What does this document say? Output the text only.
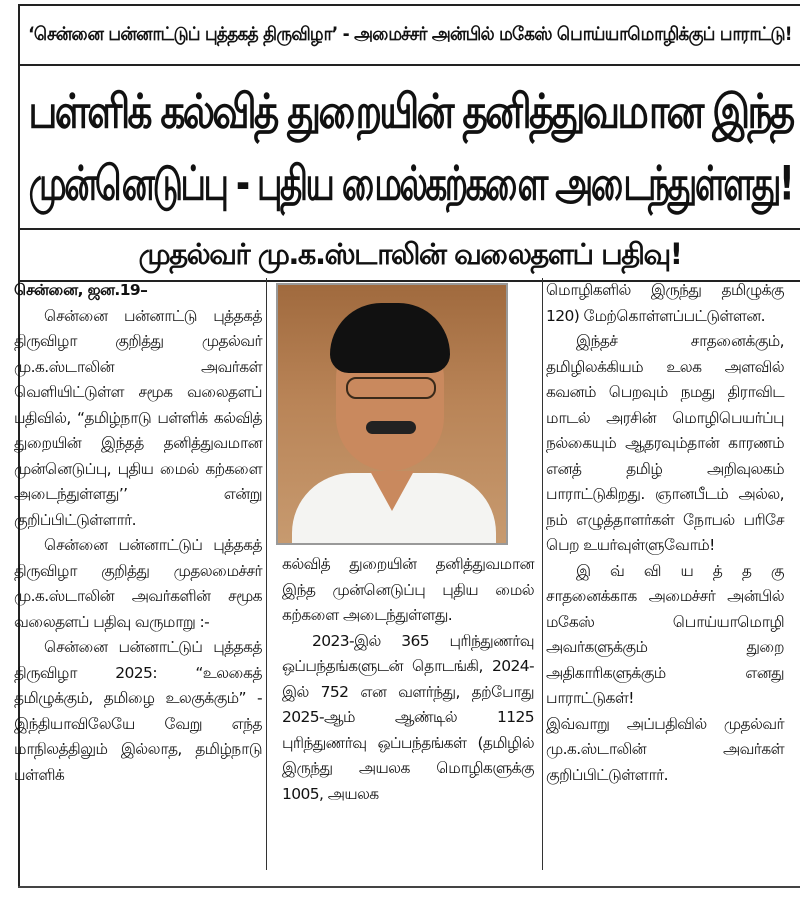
‘சென்னை பன்னாட்டுப் புத்தகத் திருவிழா’ - அமைச்சர் அன்பில் மகேஸ் பொய்யாமொழிக்குப் பாராட்டு!
பள்ளிக் கல்வித் துறையின் தனித்துவமான இந்த
முன்னெடுப்பு - புதிய மைல்கற்களை அடைந்துள்ளது!
முதல்வர் மு.க.ஸ்டாலின் வலைதளப் பதிவு!

சென்னை, ஜன.19–

சென்னை பன்னாட்டு புத்தகத் திருவிழா குறித்து முதல்வர் மு.க.ஸ்டாலின் அவர்கள் வெளியிட்டுள்ள சமூக வலைதளப் பதிவில், “தமிழ்நாடு பள்ளிக் கல்வித் துறையின் இந்தத் தனித்துவமான முன்னெடுப்பு, புதிய மைல் கற்களை அடைந்துள்ளது’’ என்று குறிப்பிட்டுள்ளார்.

சென்னை பன்னாட்டுப் புத்தகத் திருவிழா குறித்து முதலமைச்சர் மு.க.ஸ்டாலின் அவர்களின் சமூக வலைதளப் பதிவு வருமாறு :-

சென்னை பன்னாட்டுப் புத்தகத் திருவிழா 2025: “உலகைத் தமிழுக்கும், தமிழை உலகுக்கும்” - இந்தியாவிலேயே வேறு எந்த மாநிலத்திலும் இல்லாத, தமிழ்நாடு பள்ளிக்

கல்வித் துறையின் தனித்துவமான இந்த முன்னெடுப்பு புதிய மைல் கற்களை அடைந்துள்ளது.

2023-இல் 365 புரிந்துணர்வு ஒப்பந்தங்களுடன் தொடங்கி, 2024-இல் 752 என வளர்ந்து, தற்போது 2025-ஆம் ஆண்டில் 1125 புரிந்துணர்வு ஒப்பந்தங்கள் (தமிழில் இருந்து அயலக மொழிகளுக்கு 1005, அயலக

மொழிகளில் இருந்து தமிழுக்கு 120) மேற்கொள்ளப்பட்டுள்ளன.

இந்தச் சாதனைக்கும், தமிழிலக்கியம் உலக அளவில் கவனம் பெறவும் நமது திராவிட மாடல் அரசின் மொழிபெயர்ப்பு நல்கையும் ஆதரவும்தான் காரணம் எனத் தமிழ் அறிவுலகம் பாராட்டுகிறது. ஞானபீடம் அல்ல, நம் எழுத்தாளர்கள் நோபல் பரிசே பெற உயர்வுள்ளுவோம்!

இ வ் வி ய த் த கு சாதனைக்காக அமைச்சர் அன்பில் மகேஸ் பொய்யாமொழி அவர்களுக்கும் துறை அதிகாரிகளுக்கும் எனது பாராட்டுகள்!

இவ்வாறு அப்பதிவில் முதல்வர் மு.க.ஸ்டாலின் அவர்கள் குறிப்பிட்டுள்ளார்.
